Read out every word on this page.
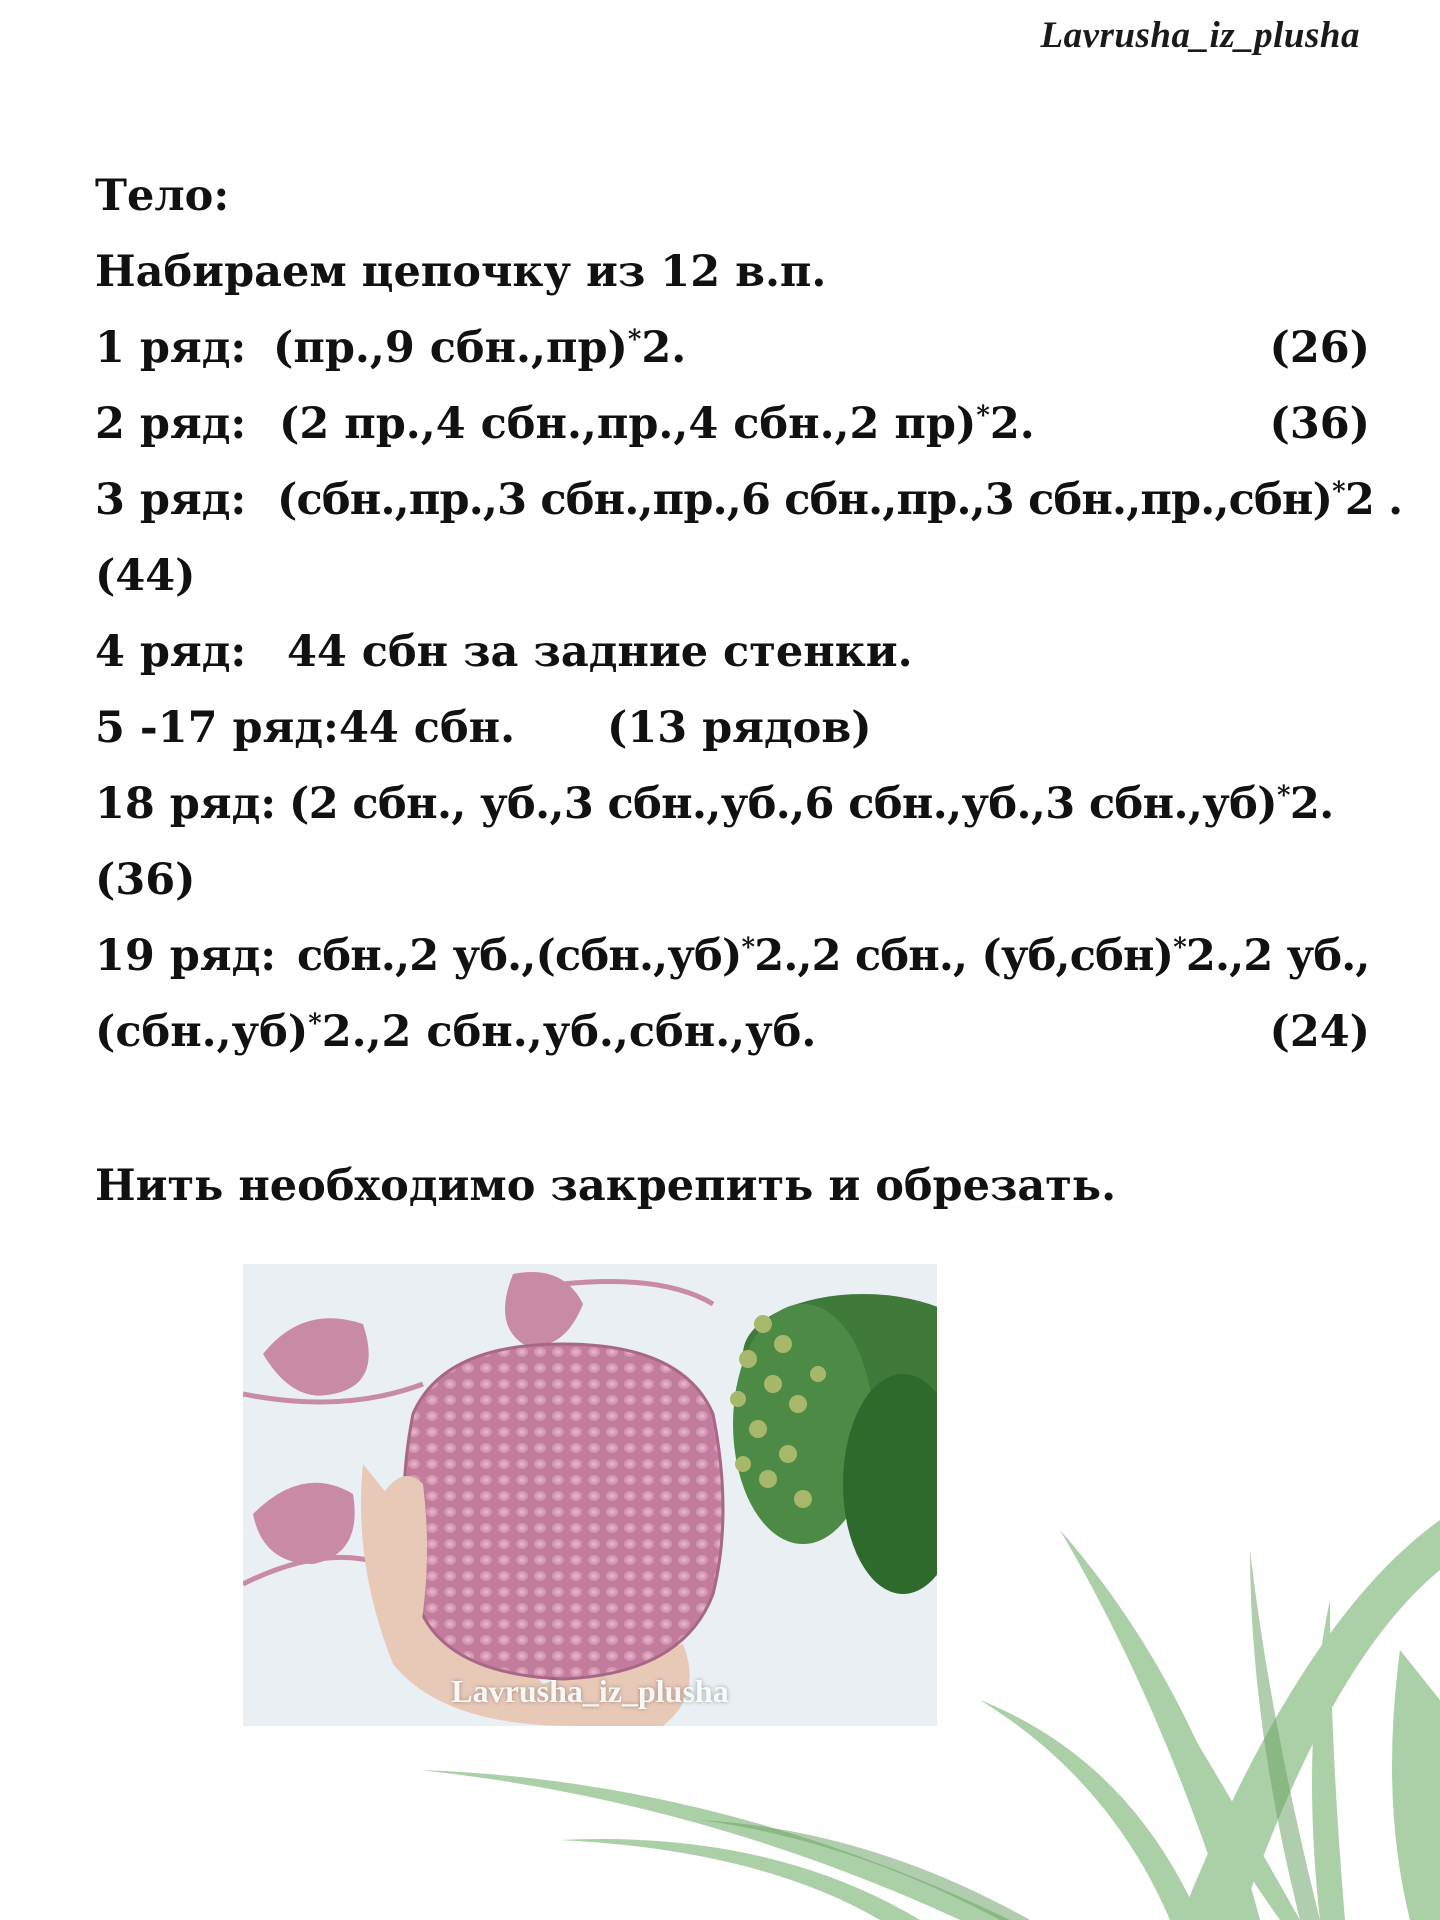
Lavrusha_iz_plusha
Тело:
Набираем цепочку из 12 в.п.
1 ряд: (пр.,9 сбн.,пр)*2.	(26)
2 ряд: (2 пр.,4 сбн.,пр.,4 сбн.,2 пр)*2.	(36)
3 ряд: (сбн.,пр.,3 сбн.,пр.,6 сбн.,пр.,3 сбн.,пр.,сбн)*2 .
(44)
4 ряд: 44 сбн за задние стенки.
5 -17 ряд: 44 сбн. (13 рядов)
18 ряд: (2 сбн., уб.,3 сбн.,уб.,6 сбн.,уб.,3 сбн.,уб)*2.
(36)
19 ряд: сбн.,2 уб.,(сбн.,уб)*2.,2 сбн., (уб,сбн)*2.,2 уб.,
(сбн.,уб)*2.,2 сбн.,уб.,сбн.,уб.	(24)
Нить необходимо закрепить и обрезать.
Lavrusha_iz_plusha
